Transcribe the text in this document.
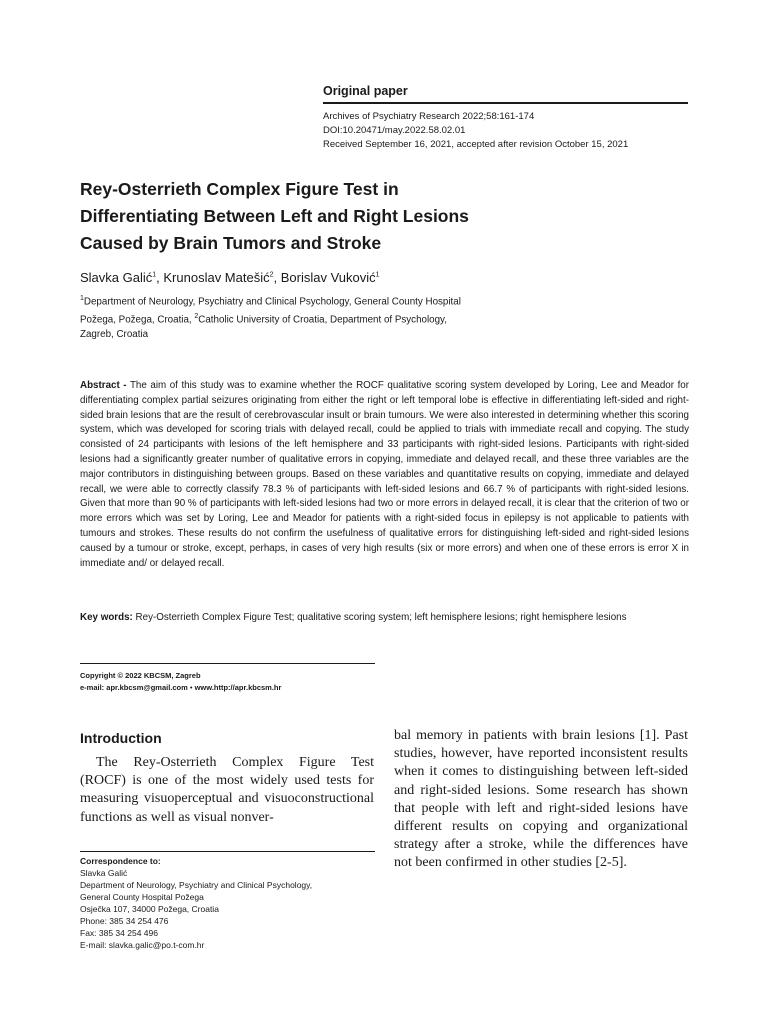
Original paper
Archives of Psychiatry Research 2022;58:161-174
DOI:10.20471/may.2022.58.02.01
Received September 16, 2021, accepted after revision October 15, 2021
Rey-Osterrieth Complex Figure Test in
Differentiating Between Left and Right Lesions
Caused by Brain Tumors and Stroke
Slavka Galić$^1$, Krunoslav Matešić$^2$, Borislav Vuković$^1$
$^1$Department of Neurology, Psychiatry and Clinical Psychology, General County Hospital
Požega, Požega, Croatia, $^2$Catholic University of Croatia, Department of Psychology,
Zagreb, Croatia
Abstract - The aim of this study was to examine whether the ROCF qualitative scoring system developed by Loring, Lee and Meador for differentiating complex partial seizures originating from either the right or left temporal lobe is effective in differentiating left-sided and right-sided brain lesions that are the result of cerebrovascular insult or brain tumours. We were also interested in determining whether this scoring system, which was developed for scoring trials with delayed recall, could be applied to trials with immediate recall and copying. The study consisted of 24 participants with lesions of the left hemisphere and 33 participants with right-sided lesions. Participants with right-sided lesions had a significantly greater number of qualitative errors in copying, immediate and delayed recall, and these three variables are the major contributors in distinguishing between groups. Based on these variables and quantitative results on copying, immediate and delayed recall, we were able to correctly classify 78.3 % of participants with left-sided lesions and 66.7 % of participants with right-sided lesions. Given that more than 90 % of participants with left-sided lesions had two or more errors in delayed recall, it is clear that the criterion of two or more errors which was set by Loring, Lee and Meador for patients with a right-sided focus in epilepsy is not applicable to patients with tumours and strokes. These results do not confirm the usefulness of qualitative errors for distinguishing left-sided and right-sided lesions caused by a tumour or stroke, except, perhaps, in cases of very high results (six or more errors) and when one of these errors is error X in immediate and/ or delayed recall.
Key words: Rey-Osterrieth Complex Figure Test; qualitative scoring system; left hemisphere lesions; right hemisphere lesions
Copyright © 2022 KBCSM, Zagreb
e-mail: apr.kbcsm@gmail.com • www.http://apr.kbcsm.hr
Introduction
The Rey-Osterrieth Complex Figure Test (ROCF) is one of the most widely used tests for measuring visuoperceptual and visuoconstructional functions as well as visual nonver-
bal memory in patients with brain lesions [1]. Past studies, however, have reported inconsistent results when it comes to distinguishing between left-sided and right-sided lesions. Some research has shown that people with left and right-sided lesions have different results on copying and organizational strategy after a stroke, while the differences have not been confirmed in other studies [2-5].
Correspondence to:
Slavka Galić
Department of Neurology, Psychiatry and Clinical Psychology,
General County Hospital Požega
Osječka 107, 34000 Požega, Croatia
Phone: 385 34 254 476
Fax: 385 34 254 496
E-mail: slavka.galic@po.t-com.hr
